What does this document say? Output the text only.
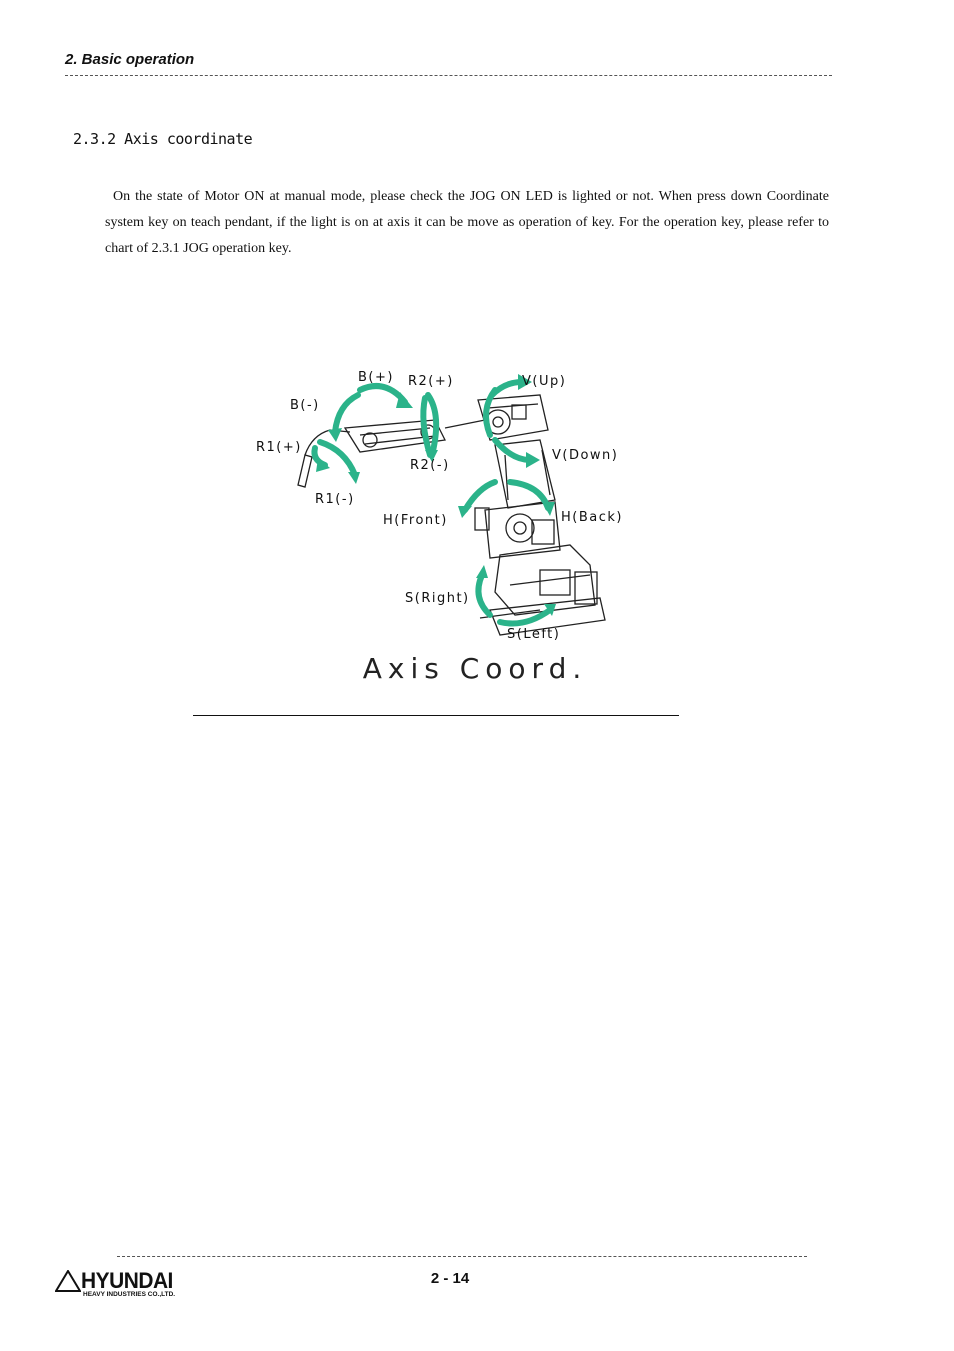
2. Basic operation
2.3.2 Axis coordinate
On the state of Motor ON at manual mode, please check the JOG ON LED is lighted or not. When press down Coordinate system key on teach pendant, if the light is on at axis it can be move as operation of key. For the operation key, please refer to chart of 2.3.1 JOG operation key.
B(+) R2(+)	V(Up)
B(-)
R1(+)
R2(-)
V(Down)
R1(-)
H(Front)	H(Back)
S(Right)
S(Left)
Axis Coord.
2 - 14
HYUNDAI
HEAVY INDUSTRIES CO.,LTD.
